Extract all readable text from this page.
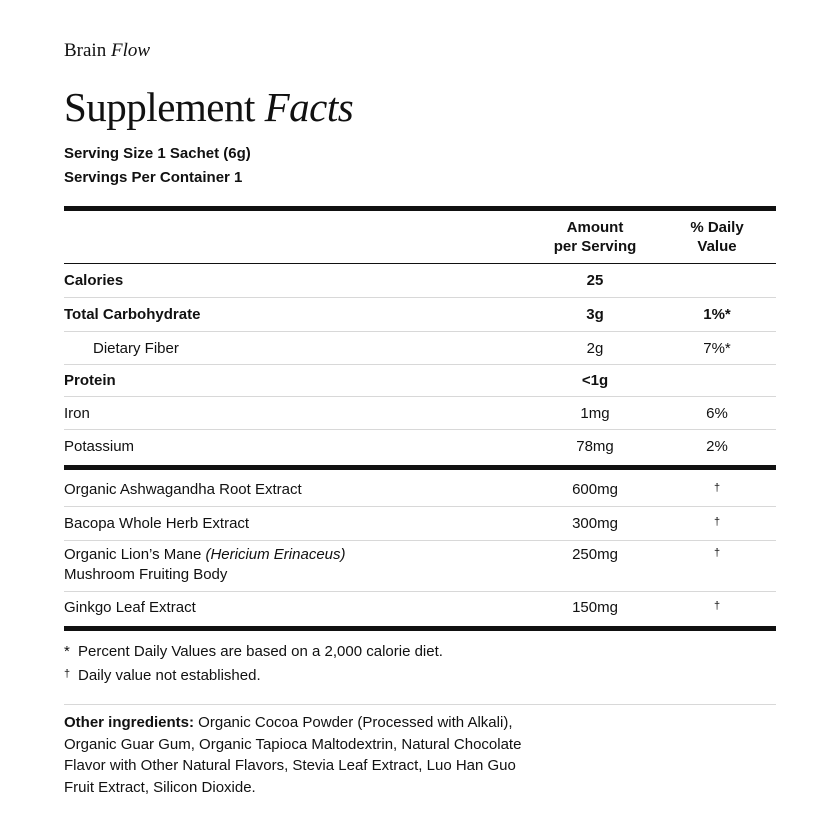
Brain Flow
Supplement Facts
Serving Size 1 Sachet (6g)
Servings Per Container 1
Amount
per Serving
% Daily
Value
Calories	25
Total Carbohydrate	3g	1%*
Dietary Fiber	2g	7%*
Protein	<1g
Iron	1mg	6%
Potassium	78mg	2%
Organic Ashwagandha Root Extract	600mg	†
Bacopa Whole Herb Extract	300mg	†
Organic Lion’s Mane (Hericium Erinaceus)
Mushroom Fruiting Body
250mg	†
Ginkgo Leaf Extract	150mg	†
* Percent Daily Values are based on a 2,000 calorie diet.
† Daily value not established.
Other ingredients: Organic Cocoa Powder (Processed with Alkali), Organic Guar Gum, Organic Tapioca Maltodextrin, Natural Chocolate Flavor with Other Natural Flavors, Stevia Leaf Extract, Luo Han Guo Fruit Extract, Silicon Dioxide.
